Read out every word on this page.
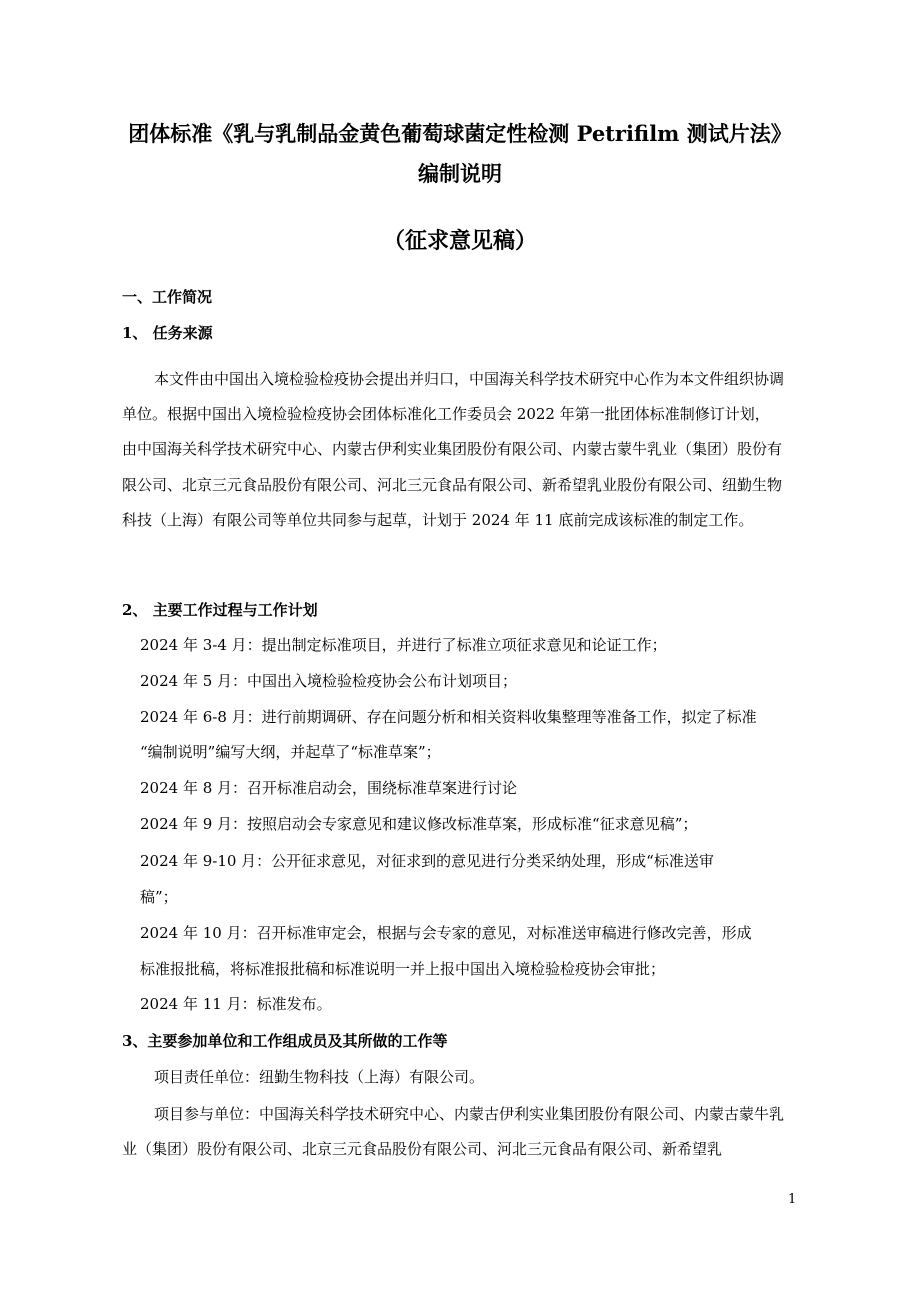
团体标准《乳与乳制品金黄色葡萄球菌定性检测 Petrifilm 测试片法》
编制说明
（征求意见稿）
一、工作简况
1、 任务来源

本文件由中国出入境检验检疫协会提出并归口，中国海关科学技术研究中心作为本文件组织协调单位。根据中国出入境检验检疫协会团体标准化工作委员会 2022 年第一批团体标准制修订计划，由中国海关科学技术研究中心、内蒙古伊利实业集团股份有限公司、内蒙古蒙牛乳业（集团）股份有限公司、北京三元食品股份有限公司、河北三元食品有限公司、新希望乳业股份有限公司、纽勤生物科技（上海）有限公司等单位共同参与起草，计划于 2024 年 11 底前完成该标准的制定工作。

2、 主要工作过程与工作计划
2024 年 3-4 月：提出制定标准项目，并进行了标准立项征求意见和论证工作；
2024 年 5 月：中国出入境检验检疫协会公布计划项目；
2024 年 6-8 月：进行前期调研、存在问题分析和相关资料收集整理等准备工作，拟定了标准
“编制说明”编写大纲，并起草了“标准草案”；
2024 年 8 月：召开标准启动会，围绕标准草案进行讨论
2024 年 9 月：按照启动会专家意见和建议修改标准草案，形成标准“征求意见稿”；
2024 年 9-10 月：公开征求意见，对征求到的意见进行分类采纳处理，形成“标准送审
稿”；
2024 年 10 月：召开标准审定会，根据与会专家的意见，对标准送审稿进行修改完善，形成
标准报批稿，将标准报批稿和标准说明一并上报中国出入境检验检疫协会审批；
2024 年 11 月：标准发布。
3、主要参加单位和工作组成员及其所做的工作等
项目责任单位：纽勤生物科技（上海）有限公司。

项目参与单位：中国海关科学技术研究中心、内蒙古伊利实业集团股份有限公司、内蒙古蒙牛乳业（集团）股份有限公司、北京三元食品股份有限公司、河北三元食品有限公司、新希望乳

1
